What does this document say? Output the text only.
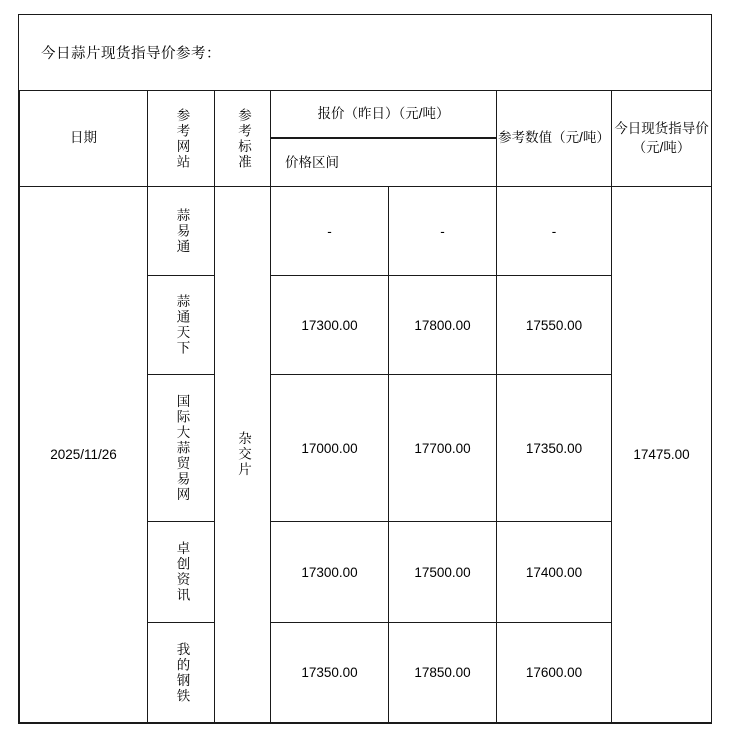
今日蒜片现货指导价参考：
日期	参考网站	参考标准	报价（昨日）（元/吨）		参考数值（元/吨）	今日现货指导价（元/吨）

			价格区间			

2025/11/26	蒜易通	杂交片	-	-	-	17475.00

	蒜通天下		17300.00	17800.00	17550.00	

	国际大蒜贸易网		17000.00	17700.00	17350.00	

	卓创资讯		17300.00	17500.00	17400.00	

	我的钢铁		17350.00	17850.00	17600.00	
